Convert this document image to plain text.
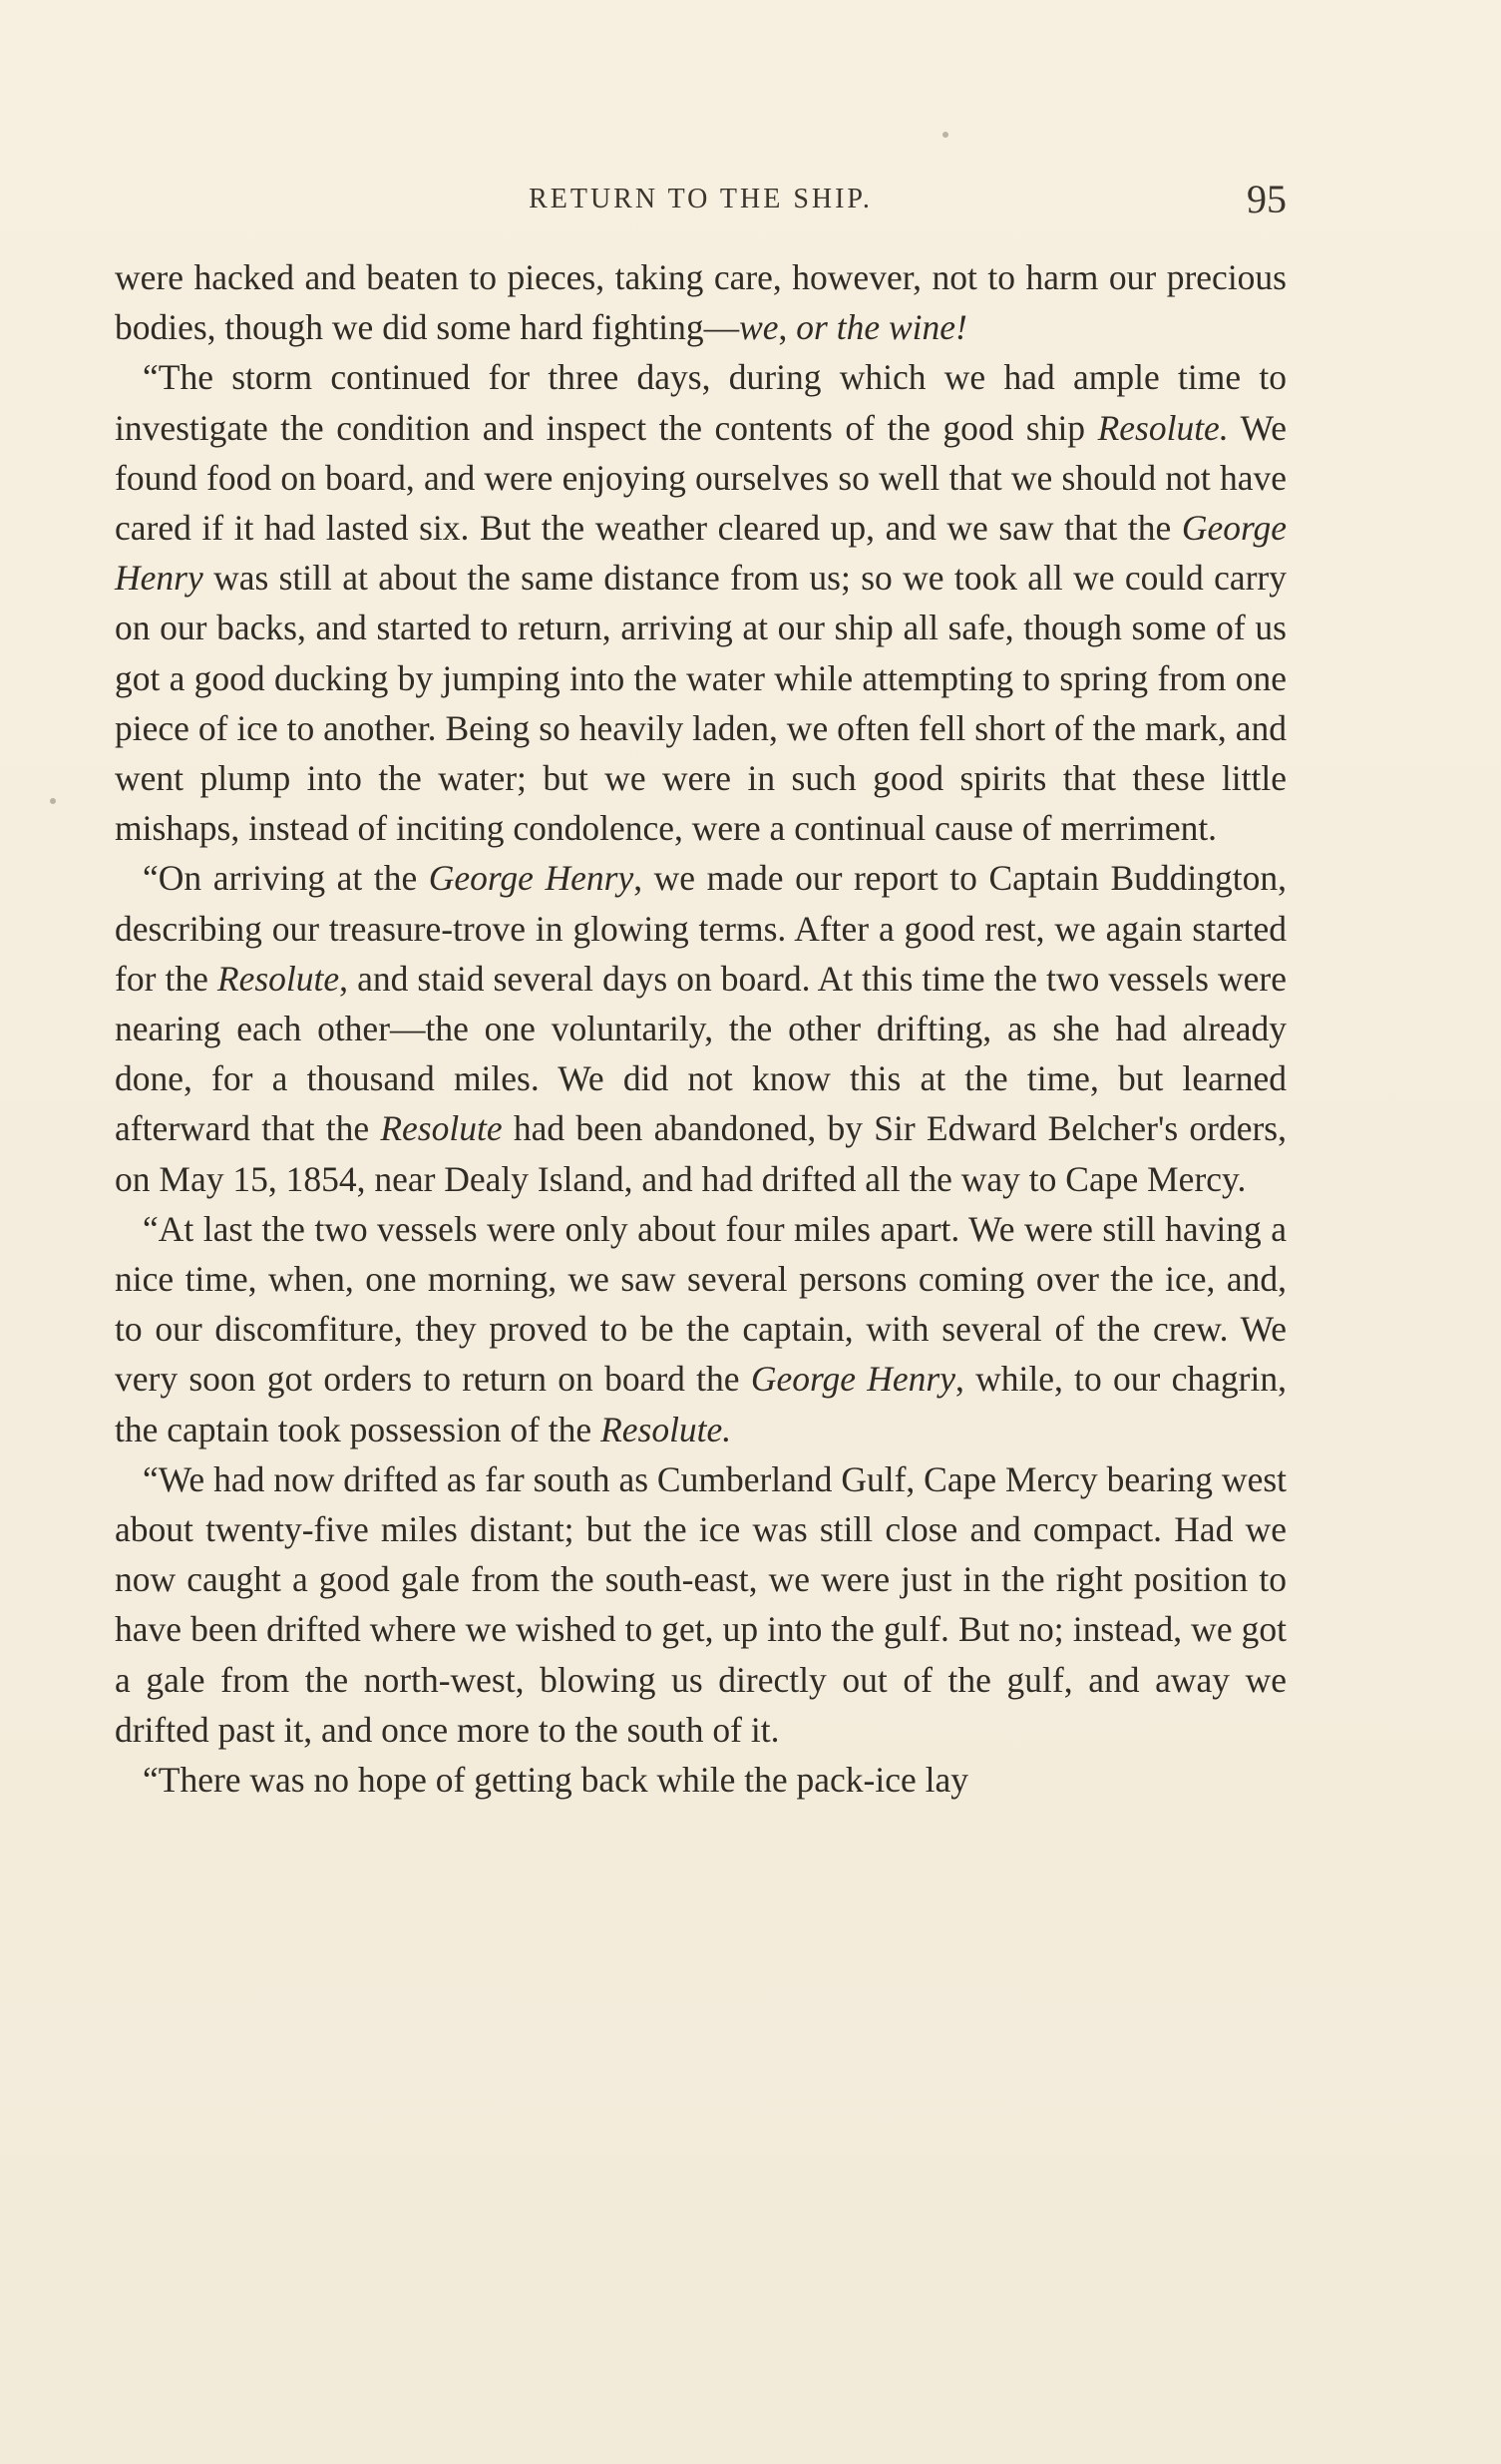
RETURN TO THE SHIP.	95

were hacked and beaten to pieces, taking care, however, not to harm our precious bodies, though we did some hard fighting—we, or the wine!

“The storm continued for three days, during which we had ample time to investigate the condition and inspect the contents of the good ship Resolute. We found food on board, and were enjoying ourselves so well that we should not have cared if it had lasted six. But the weather cleared up, and we saw that the George Henry was still at about the same distance from us; so we took all we could carry on our backs, and started to return, arriving at our ship all safe, though some of us got a good ducking by jumping into the water while attempting to spring from one piece of ice to another. Being so heavily laden, we often fell short of the mark, and went plump into the water; but we were in such good spirits that these little mishaps, instead of inciting condolence, were a continual cause of merriment.

“On arriving at the George Henry, we made our report to Captain Buddington, describing our treasure-trove in glowing terms. After a good rest, we again started for the Resolute, and staid several days on board. At this time the two vessels were nearing each other—the one voluntarily, the other drifting, as she had already done, for a thousand miles. We did not know this at the time, but learned afterward that the Resolute had been abandoned, by Sir Edward Belcher's orders, on May 15, 1854, near Dealy Island, and had drifted all the way to Cape Mercy.

“At last the two vessels were only about four miles apart. We were still having a nice time, when, one morning, we saw several persons coming over the ice, and, to our discomfiture, they proved to be the captain, with several of the crew. We very soon got orders to return on board the George Henry, while, to our chagrin, the captain took possession of the Resolute.

“We had now drifted as far south as Cumberland Gulf, Cape Mercy bearing west about twenty-five miles distant; but the ice was still close and compact. Had we now caught a good gale from the south-east, we were just in the right position to have been drifted where we wished to get, up into the gulf. But no; instead, we got a gale from the north-west, blowing us directly out of the gulf, and away we drifted past it, and once more to the south of it.

“There was no hope of getting back while the pack-ice lay
